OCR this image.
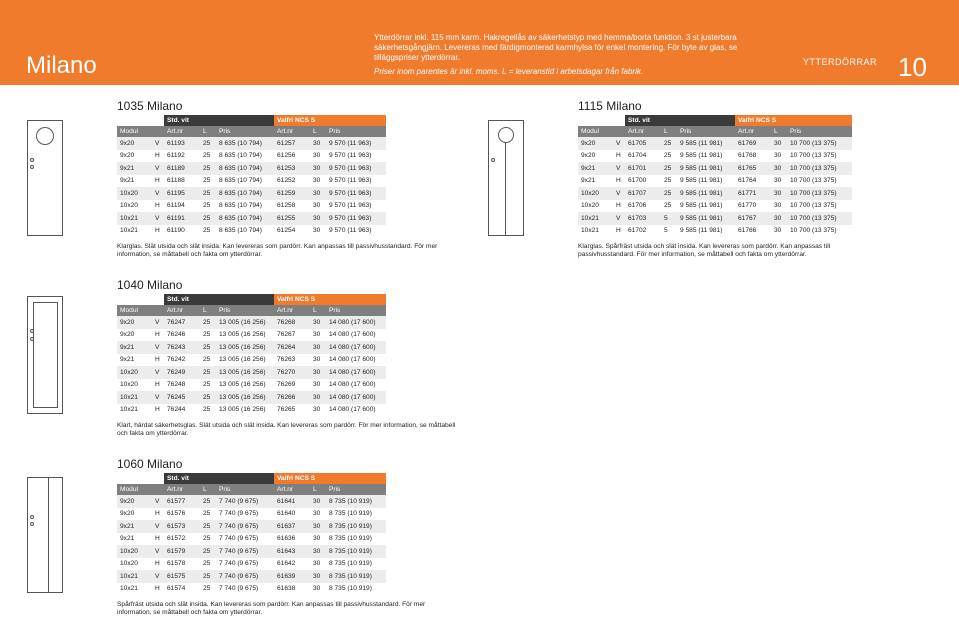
Milano
Ytterdörrar inkl. 115 mm karm. Hakregellås av säkerhetstyp med hemma/borta funktion. 3 st justerbara säkerhetsgångjärn. Levereras med färdigmonterad karmhylsa för enkel montering. För byte av glas, se tilläggspriser ytterdörrar.
Priser inom parentes är inkl. moms. L = leveranstid i arbetsdagar från fabrik.
YTTERDÖRRAR 10
1035 Milano
		Std. vit			Valfri NCS S		
Modul		Art.nr	L	Pris	Art.nr	L	Pris
9x20	V	61193	25	8 635 (10 794)	61257	30	9 570 (11 963)
9x20	H	61192	25	8 635 (10 794)	61256	30	9 570 (11 963)
9x21	V	61189	25	8 635 (10 794)	61253	30	9 570 (11 963)
9x21	H	61188	25	8 635 (10 794)	61252	30	9 570 (11 963)
10x20	V	61195	25	8 635 (10 794)	61259	30	9 570 (11 963)
10x20	H	61194	25	8 635 (10 794)	61258	30	9 570 (11 963)
10x21	V	61191	25	8 635 (10 794)	61255	30	9 570 (11 963)
10x21	H	61190	25	8 635 (10 794)	61254	30	9 570 (11 963)
Klarglas. Slät utsida och slät insida. Kan levereras som pardörr. Kan anpassas till passivhusstandard. För mer information, se måttabell och fakta om ytterdörrar.
1040 Milano
		Std. vit			Valfri NCS S		
Modul		Art.nr	L	Pris	Art.nr	L	Pris
9x20	V	76247	25	13 005 (16 256)	76268	30	14 080 (17 600)
9x20	H	76246	25	13 005 (16 256)	76267	30	14 080 (17 600)
9x21	V	76243	25	13 005 (16 256)	76264	30	14 080 (17 600)
9x21	H	76242	25	13 005 (16 256)	76263	30	14 080 (17 600)
10x20	V	76249	25	13 005 (16 256)	76270	30	14 080 (17 600)
10x20	H	76248	25	13 005 (16 256)	76269	30	14 080 (17 600)
10x21	V	76245	25	13 005 (16 256)	76266	30	14 080 (17 600)
10x21	H	76244	25	13 005 (16 256)	76265	30	14 080 (17 600)
Klart, härdat säkerhetsglas. Slät utsida och slät insida. Kan levereras som pardörr. För mer information, se måttabell och fakta om ytterdörrar.
1060 Milano
		Std. vit			Valfri NCS S		
Modul		Art.nr	L	Pris	Art.nr	L	Pris
9x20	V	61577	25	7 740 (9 675)	61641	30	8 735 (10 919)
9x20	H	61576	25	7 740 (9 675)	61640	30	8 735 (10 919)
9x21	V	61573	25	7 740 (9 675)	61637	30	8 735 (10 919)
9x21	H	61572	25	7 740 (9 675)	61636	30	8 735 (10 919)
10x20	V	61579	25	7 740 (9 675)	61643	30	8 735 (10 919)
10x20	H	61578	25	7 740 (9 675)	61642	30	8 735 (10 919)
10x21	V	61575	25	7 740 (9 675)	61639	30	8 735 (10 919)
10x21	H	61574	25	7 740 (9 675)	61638	30	8 735 (10 919)
Spårfräst utsida och slät insida. Kan levereras som pardörr. Kan anpassas till passivhusstandard. För mer information, se måttabell och fakta om ytterdörrar.
1115 Milano
		Std. vit			Valfri NCS S		
Modul		Art.nr	L	Pris	Art.nr	L	Pris
9x20	V	61705	25	9 585 (11 981)	61769	30	10 700 (13 375)
9x20	H	61704	25	9 585 (11 981)	61768	30	10 700 (13 375)
9x21	V	61701	25	9 585 (11 981)	61765	30	10 700 (13 375)
9x21	H	61700	25	9 585 (11 981)	61764	30	10 700 (13 375)
10x20	V	61707	25	9 585 (11 981)	61771	30	10 700 (13 375)
10x20	H	61706	25	9 585 (11 981)	61770	30	10 700 (13 375)
10x21	V	61703	5	9 585 (11 981)	61767	30	10 700 (13 375)
10x21	H	61702	5	9 585 (11 981)	61766	30	10 700 (13 375)
Klarglas. Spårfräst utsida och slät insida. Kan levereras som pardörr. Kan anpassas till passivhusstandard. För mer information, se måttabell och fakta om ytterdörrar.
